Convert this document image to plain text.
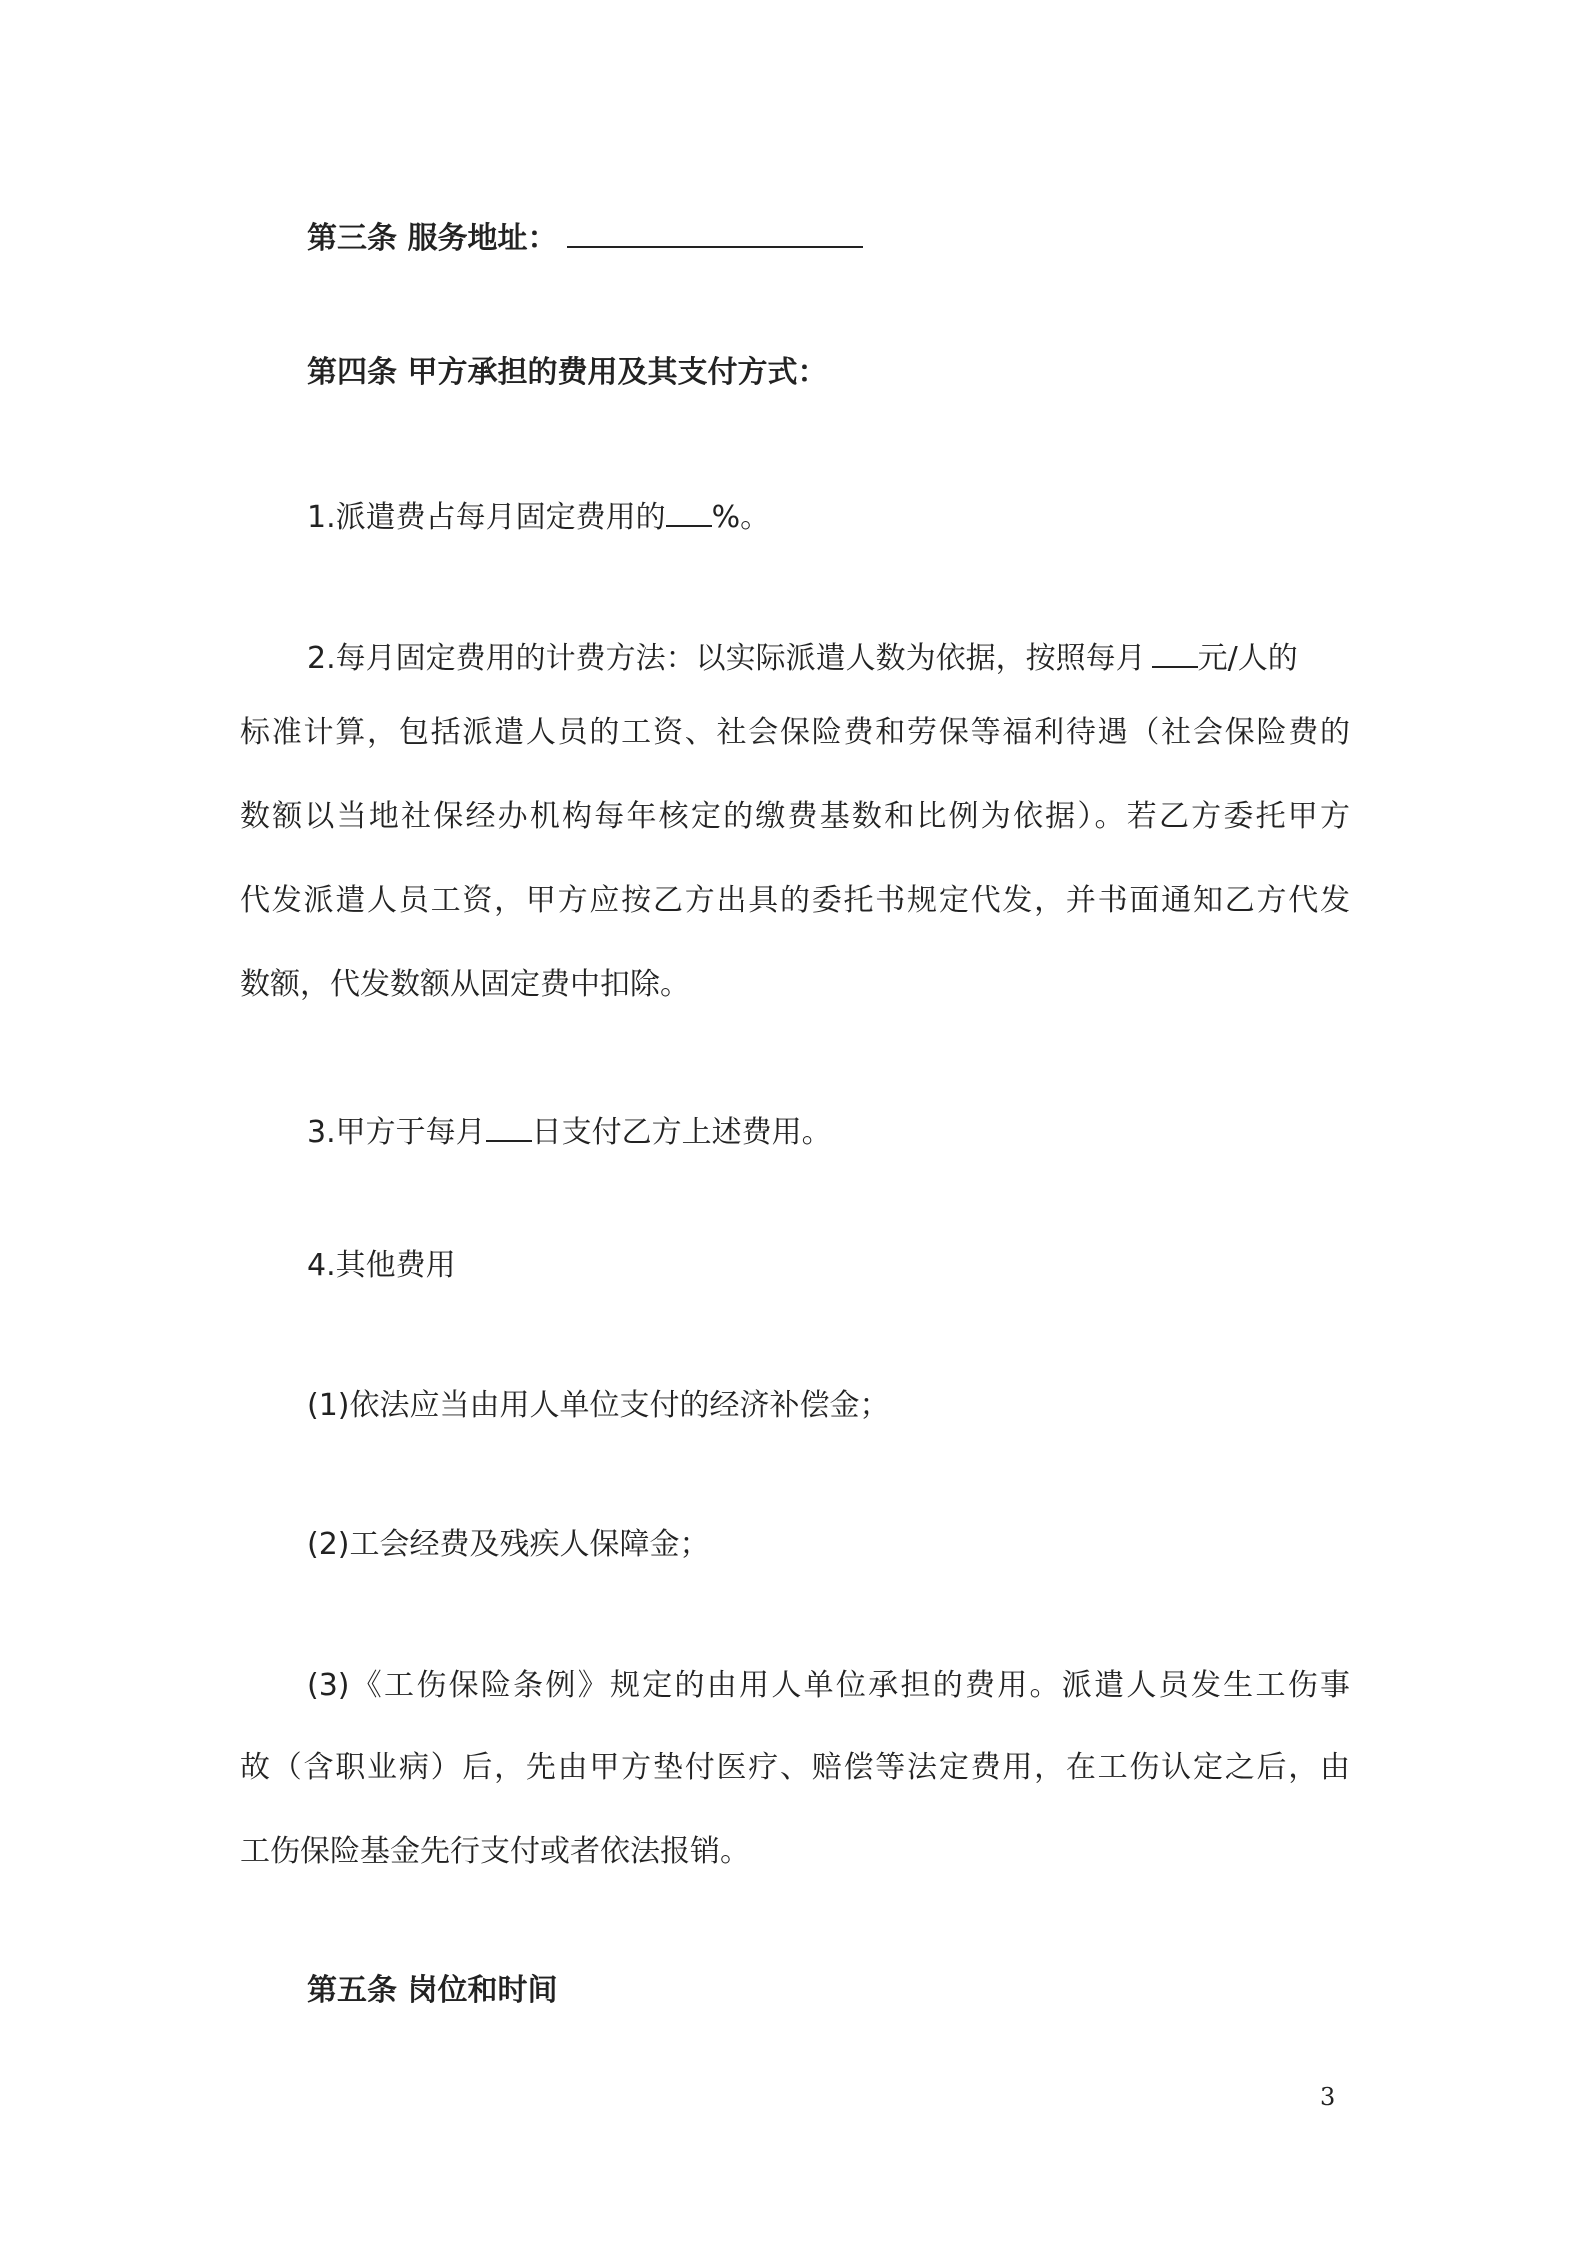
第三条 服务地址：
第四条 甲方承担的费用及其支付方式：
1.派遣费占每月固定费用的 %。
2.每月固定费用的计费方法：以实际派遣人数为依据，按照每月 元/人的
标准计算，包括派遣人员的工资、社会保险费和劳保等福利待遇（社会保险费的
数额以当地社保经办机构每年核定的缴费基数和比例为依据）。若乙方委托甲方
代发派遣人员工资，甲方应按乙方出具的委托书规定代发，并书面通知乙方代发
数额，代发数额从固定费中扣除。
3.甲方于每月 日支付乙方上述费用。
4.其他费用
(1)依法应当由用人单位支付的经济补偿金；
(2)工会经费及残疾人保障金；
(3)《工伤保险条例》规定的由用人单位承担的费用。派遣人员发生工伤事
故（含职业病）后，先由甲方垫付医疗、赔偿等法定费用，在工伤认定之后，由
工伤保险基金先行支付或者依法报销。
第五条 岗位和时间
3
